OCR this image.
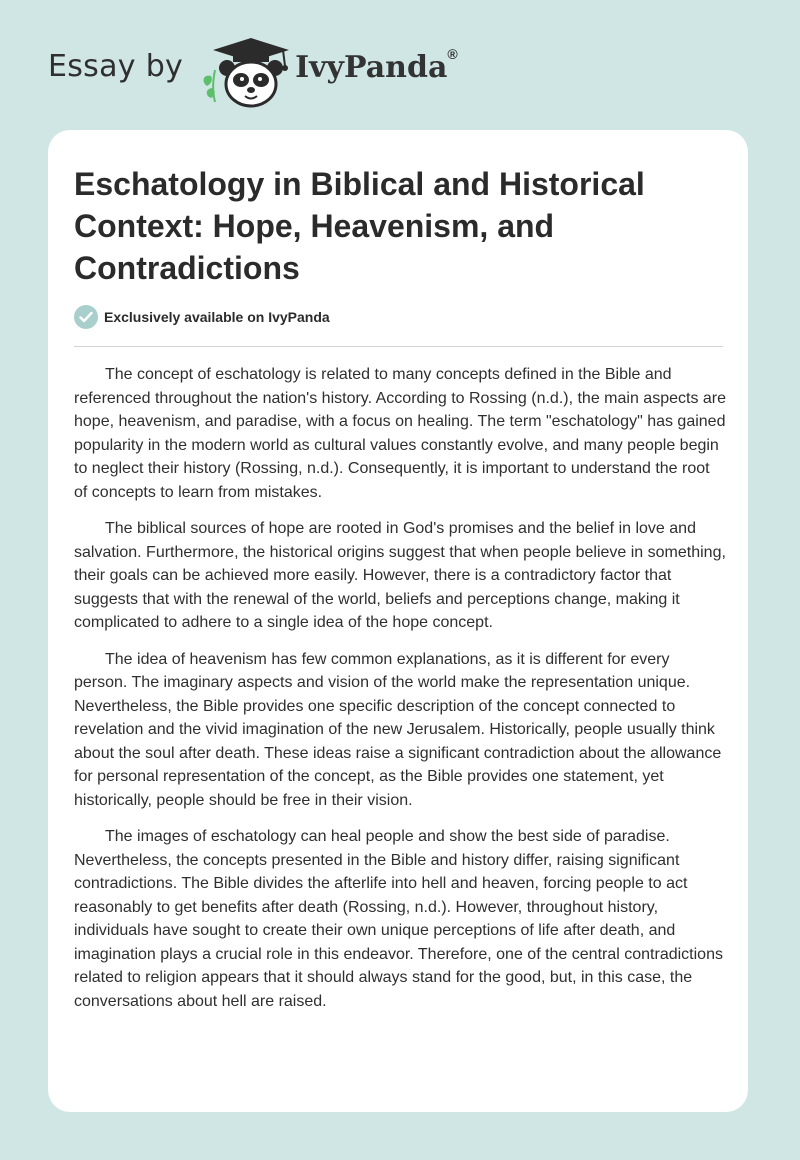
Essay by	IvyPanda®
Eschatology in Biblical and Historical Context: Hope, Heavenism, and Contradictions
Exclusively available on IvyPanda

The concept of eschatology is related to many concepts defined in the Bible and referenced throughout the nation's history. According to Rossing (n.d.), the main aspects are hope, heavenism, and paradise, with a focus on healing. The term "eschatology" has gained popularity in the modern world as cultural values constantly evolve, and many people begin to neglect their history (Rossing, n.d.). Consequently, it is important to understand the root of concepts to learn from mistakes.

The biblical sources of hope are rooted in God's promises and the belief in love and salvation. Furthermore, the historical origins suggest that when people believe in something, their goals can be achieved more easily. However, there is a contradictory factor that suggests that with the renewal of the world, beliefs and perceptions change, making it complicated to adhere to a single idea of the hope concept.

The idea of heavenism has few common explanations, as it is different for every person. The imaginary aspects and vision of the world make the representation unique. Nevertheless, the Bible provides one specific description of the concept connected to revelation and the vivid imagination of the new Jerusalem. Historically, people usually think about the soul after death. These ideas raise a significant contradiction about the allowance for personal representation of the concept, as the Bible provides one statement, yet historically, people should be free in their vision.

The images of eschatology can heal people and show the best side of paradise. Nevertheless, the concepts presented in the Bible and history differ, raising significant contradictions. The Bible divides the afterlife into hell and heaven, forcing people to act reasonably to get benefits after death (Rossing, n.d.). However, throughout history, individuals have sought to create their own unique perceptions of life after death, and imagination plays a crucial role in this endeavor. Therefore, one of the central contradictions related to religion appears that it should always stand for the good, but, in this case, the conversations about hell are raised.
